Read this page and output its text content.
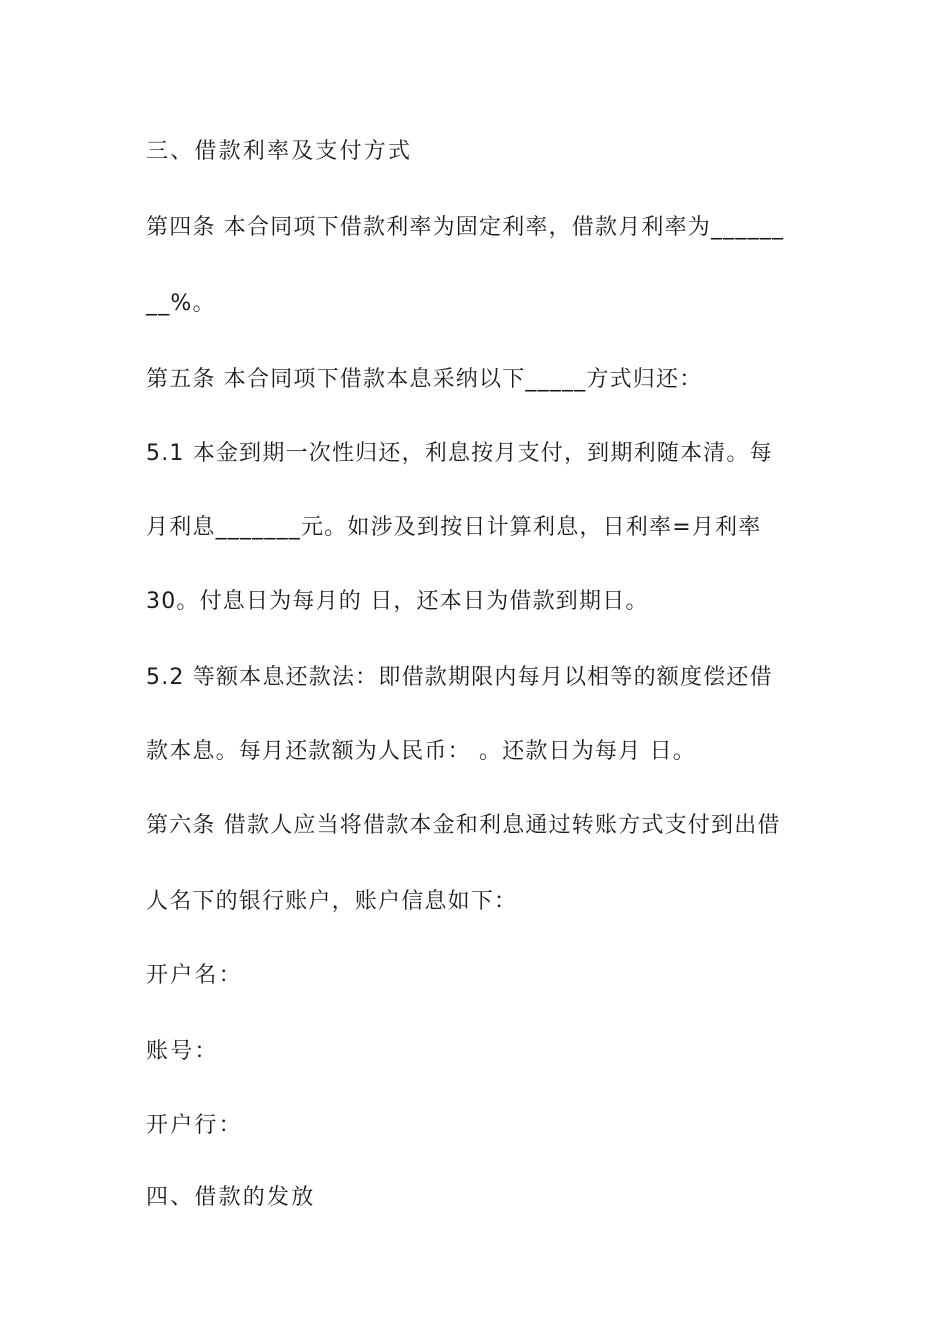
三、借款利率及支付方式
第四条 本合同项下借款利率为固定利率，借款月利率为______
__%。
第五条 本合同项下借款本息采纳以下_____方式归还：
5.1 本金到期一次性归还，利息按月支付，到期利随本清。每
月利息_______元。如涉及到按日计算利息，日利率=月利率
30。付息日为每月的 日，还本日为借款到期日。
5.2 等额本息还款法：即借款期限内每月以相等的额度偿还借
款本息。每月还款额为人民币： 。还款日为每月 日。
第六条 借款人应当将借款本金和利息通过转账方式支付到出借
人名下的银行账户，账户信息如下：
开户名：
账号：
开户行：
四、借款的发放
